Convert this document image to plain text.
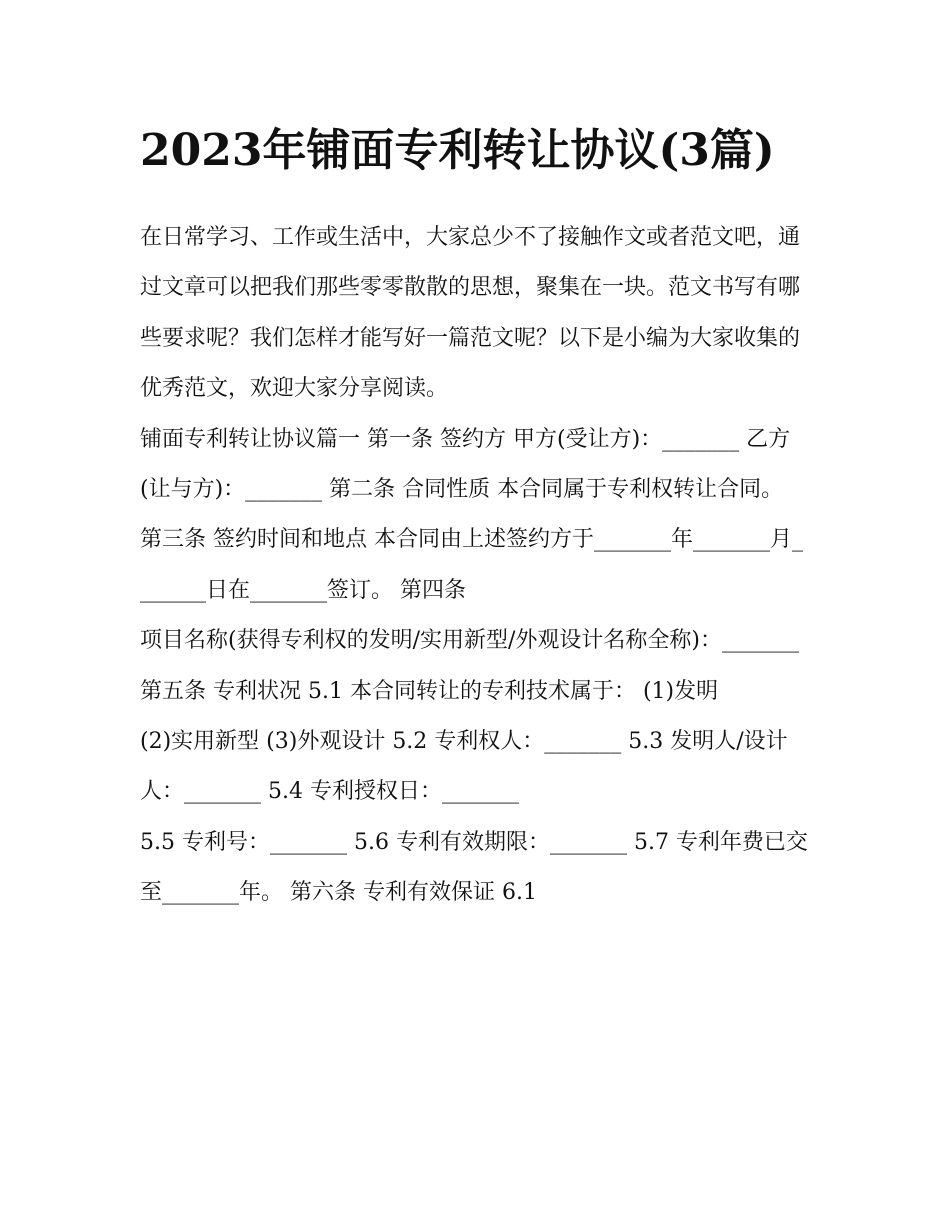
2023年铺面专利转让协议(3篇)

在日常学习、工作或生活中，大家总少不了接触作文或者范文吧，通过文章可以把我们那些零零散散的思想，聚集在一块。范文书写有哪些要求呢？我们怎样才能写好一篇范文呢？以下是小编为大家收集的优秀范文，欢迎大家分享阅读。

铺面专利转让协议篇一 第一条 签约方 甲方(受让方)：_______ 乙方(让与方)：_______ 第二条 合同性质 本合同属于专利权转让合同。

第三条 签约时间和地点 本合同由上述签约方于_______年_______月_______日在_______签订。 第四条

项目名称(获得专利权的发明/实用新型/外观设计名称全称)：_______ 第五条 专利状况 5.1 本合同转让的专利技术属于： (1)发明

(2)实用新型 (3)外观设计 5.2 专利权人：_______ 5.3 发明人/设计人：_______ 5.4 专利授权日：_______

5.5 专利号：_______ 5.6 专利有效期限：_______ 5.7 专利年费已交至_______年。 第六条 专利有效保证 6.1
